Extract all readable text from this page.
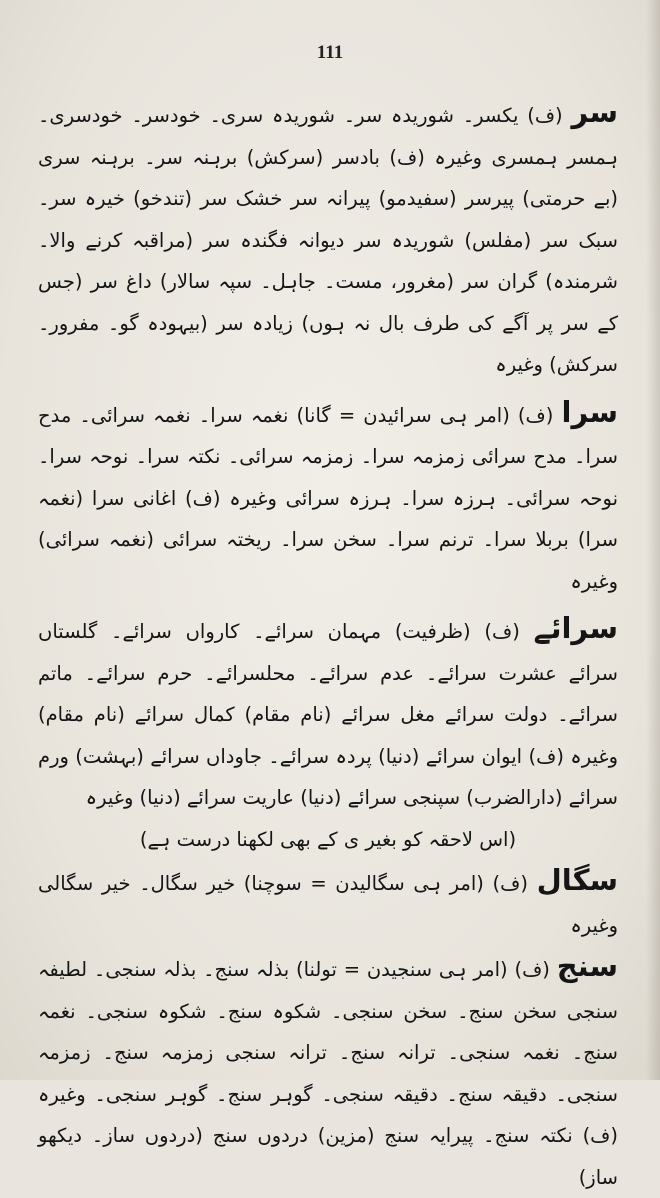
111

سر (ف) یکسر۔ شوریدہ سر۔ شوریدہ سری۔ خودسر۔ خودسری۔ ہمسر ہمسری وغیرہ (ف) بادسر (سرکش) برہنہ سر۔ برہنہ سری (بے حرمتی) پیرسر (سفیدمو) پیرانہ سر خشک سر (تندخو) خیرہ سر۔ سبک سر (مفلس) شوریدہ سر دیوانہ فگندہ سر (مراقبہ کرنے والا۔ شرمندہ) گران سر (مغرور، مست۔ جاہل۔ سپہ سالار) داغ سر (جس کے سر پر آگے کی طرف بال نہ ہوں) زیادہ سر (بیہودہ گو۔ مفرور۔ سرکش) وغیرہ

سرا (ف) (امر ہی سرائیدن = گانا) نغمہ سرا۔ نغمہ سرائی۔ مدح سرا۔ مدح سرائی زمزمہ سرا۔ زمزمہ سرائی۔ نکتہ سرا۔ نوحہ سرا۔ نوحہ سرائی۔ ہرزہ سرا۔ ہرزہ سرائی وغیرہ (ف) اغانی سرا (نغمہ سرا) بربلا سرا۔ ترنم سرا۔ سخن سرا۔ ریختہ سرائی (نغمہ سرائی) وغیرہ

سرائے (ف) (ظرفیت) مہمان سرائے۔ کارواں سرائے۔ گلستاں سرائے عشرت سرائے۔ عدم سرائے۔ محلسرائے۔ حرم سرائے۔ ماتم سرائے۔ دولت سرائے مغل سرائے (نام مقام) کمال سرائے (نام مقام) وغیرہ (ف) ایوان سرائے (دنیا) پردہ سرائے۔ جاوداں سرائے (بہشت) ورم سرائے (دارالضرب) سپنجی سرائے (دنیا) عاریت سرائے (دنیا) وغیرہ

(اس لاحقہ کو بغیر ی کے بھی لکھنا درست ہے)

سگال (ف) (امر ہی سگالیدن = سوچنا) خیر سگال۔ خیر سگالی وغیرہ

سنج (ف) (امر ہی سنجیدن = تولنا) بذلہ سنج۔ بذلہ سنجی۔ لطیفہ سنجی سخن سنج۔ سخن سنجی۔ شکوہ سنج۔ شکوہ سنجی۔ نغمہ سنج۔ نغمہ سنجی۔ ترانہ سنج۔ ترانہ سنجی زمزمہ سنج۔ زمزمہ سنجی۔ دقیقہ سنج۔ دقیقہ سنجی۔ گوہر سنج۔ گوہر سنجی۔ وغیرہ (ف) نکتہ سنج۔ پیرایہ سنج (مزین) دردوں سنج (دردوں ساز۔ دیکھو ساز)
